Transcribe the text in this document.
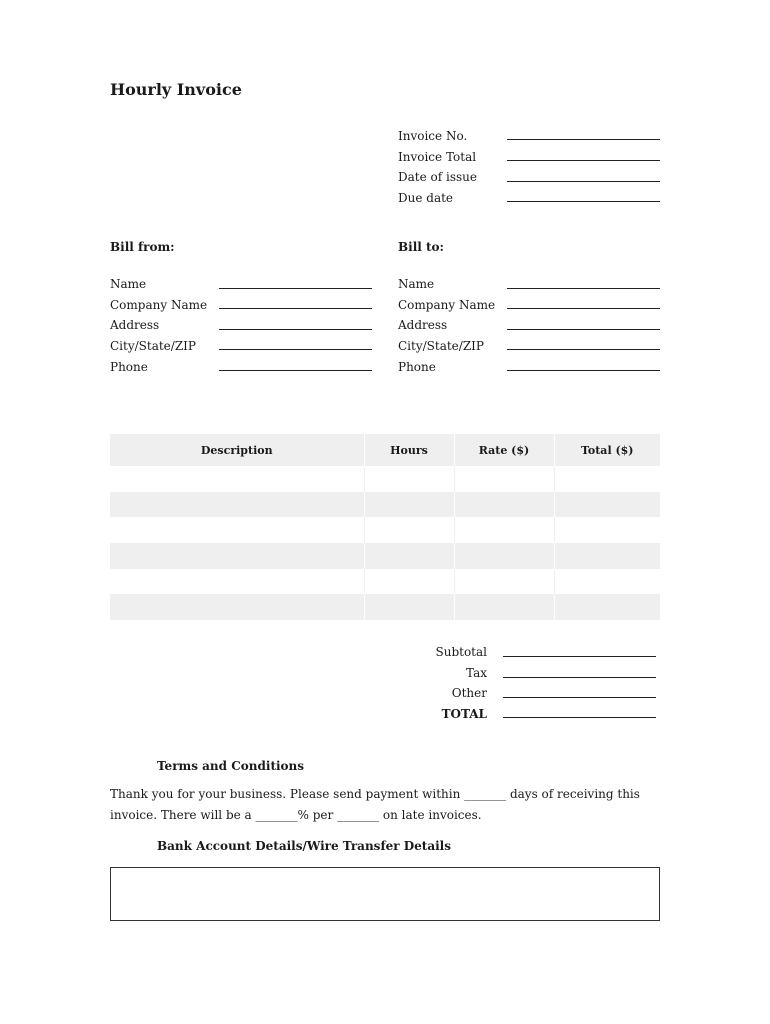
Hourly Invoice
Invoice No.
Invoice Total
Date of issue
Due date
Bill from:
Name
Company Name
Address
City/State/ZIP
Phone
Bill to:
Name
Company Name
Address
City/State/ZIP
Phone
Description	Hours	Rate ($)	Total ($)

Subtotal
Tax
Other
TOTAL
Terms and Conditions
Thank you for your business. Please send payment within _______ days of receiving this
invoice. There will be a _______% per _______ on late invoices.
Bank Account Details/Wire Transfer Details
